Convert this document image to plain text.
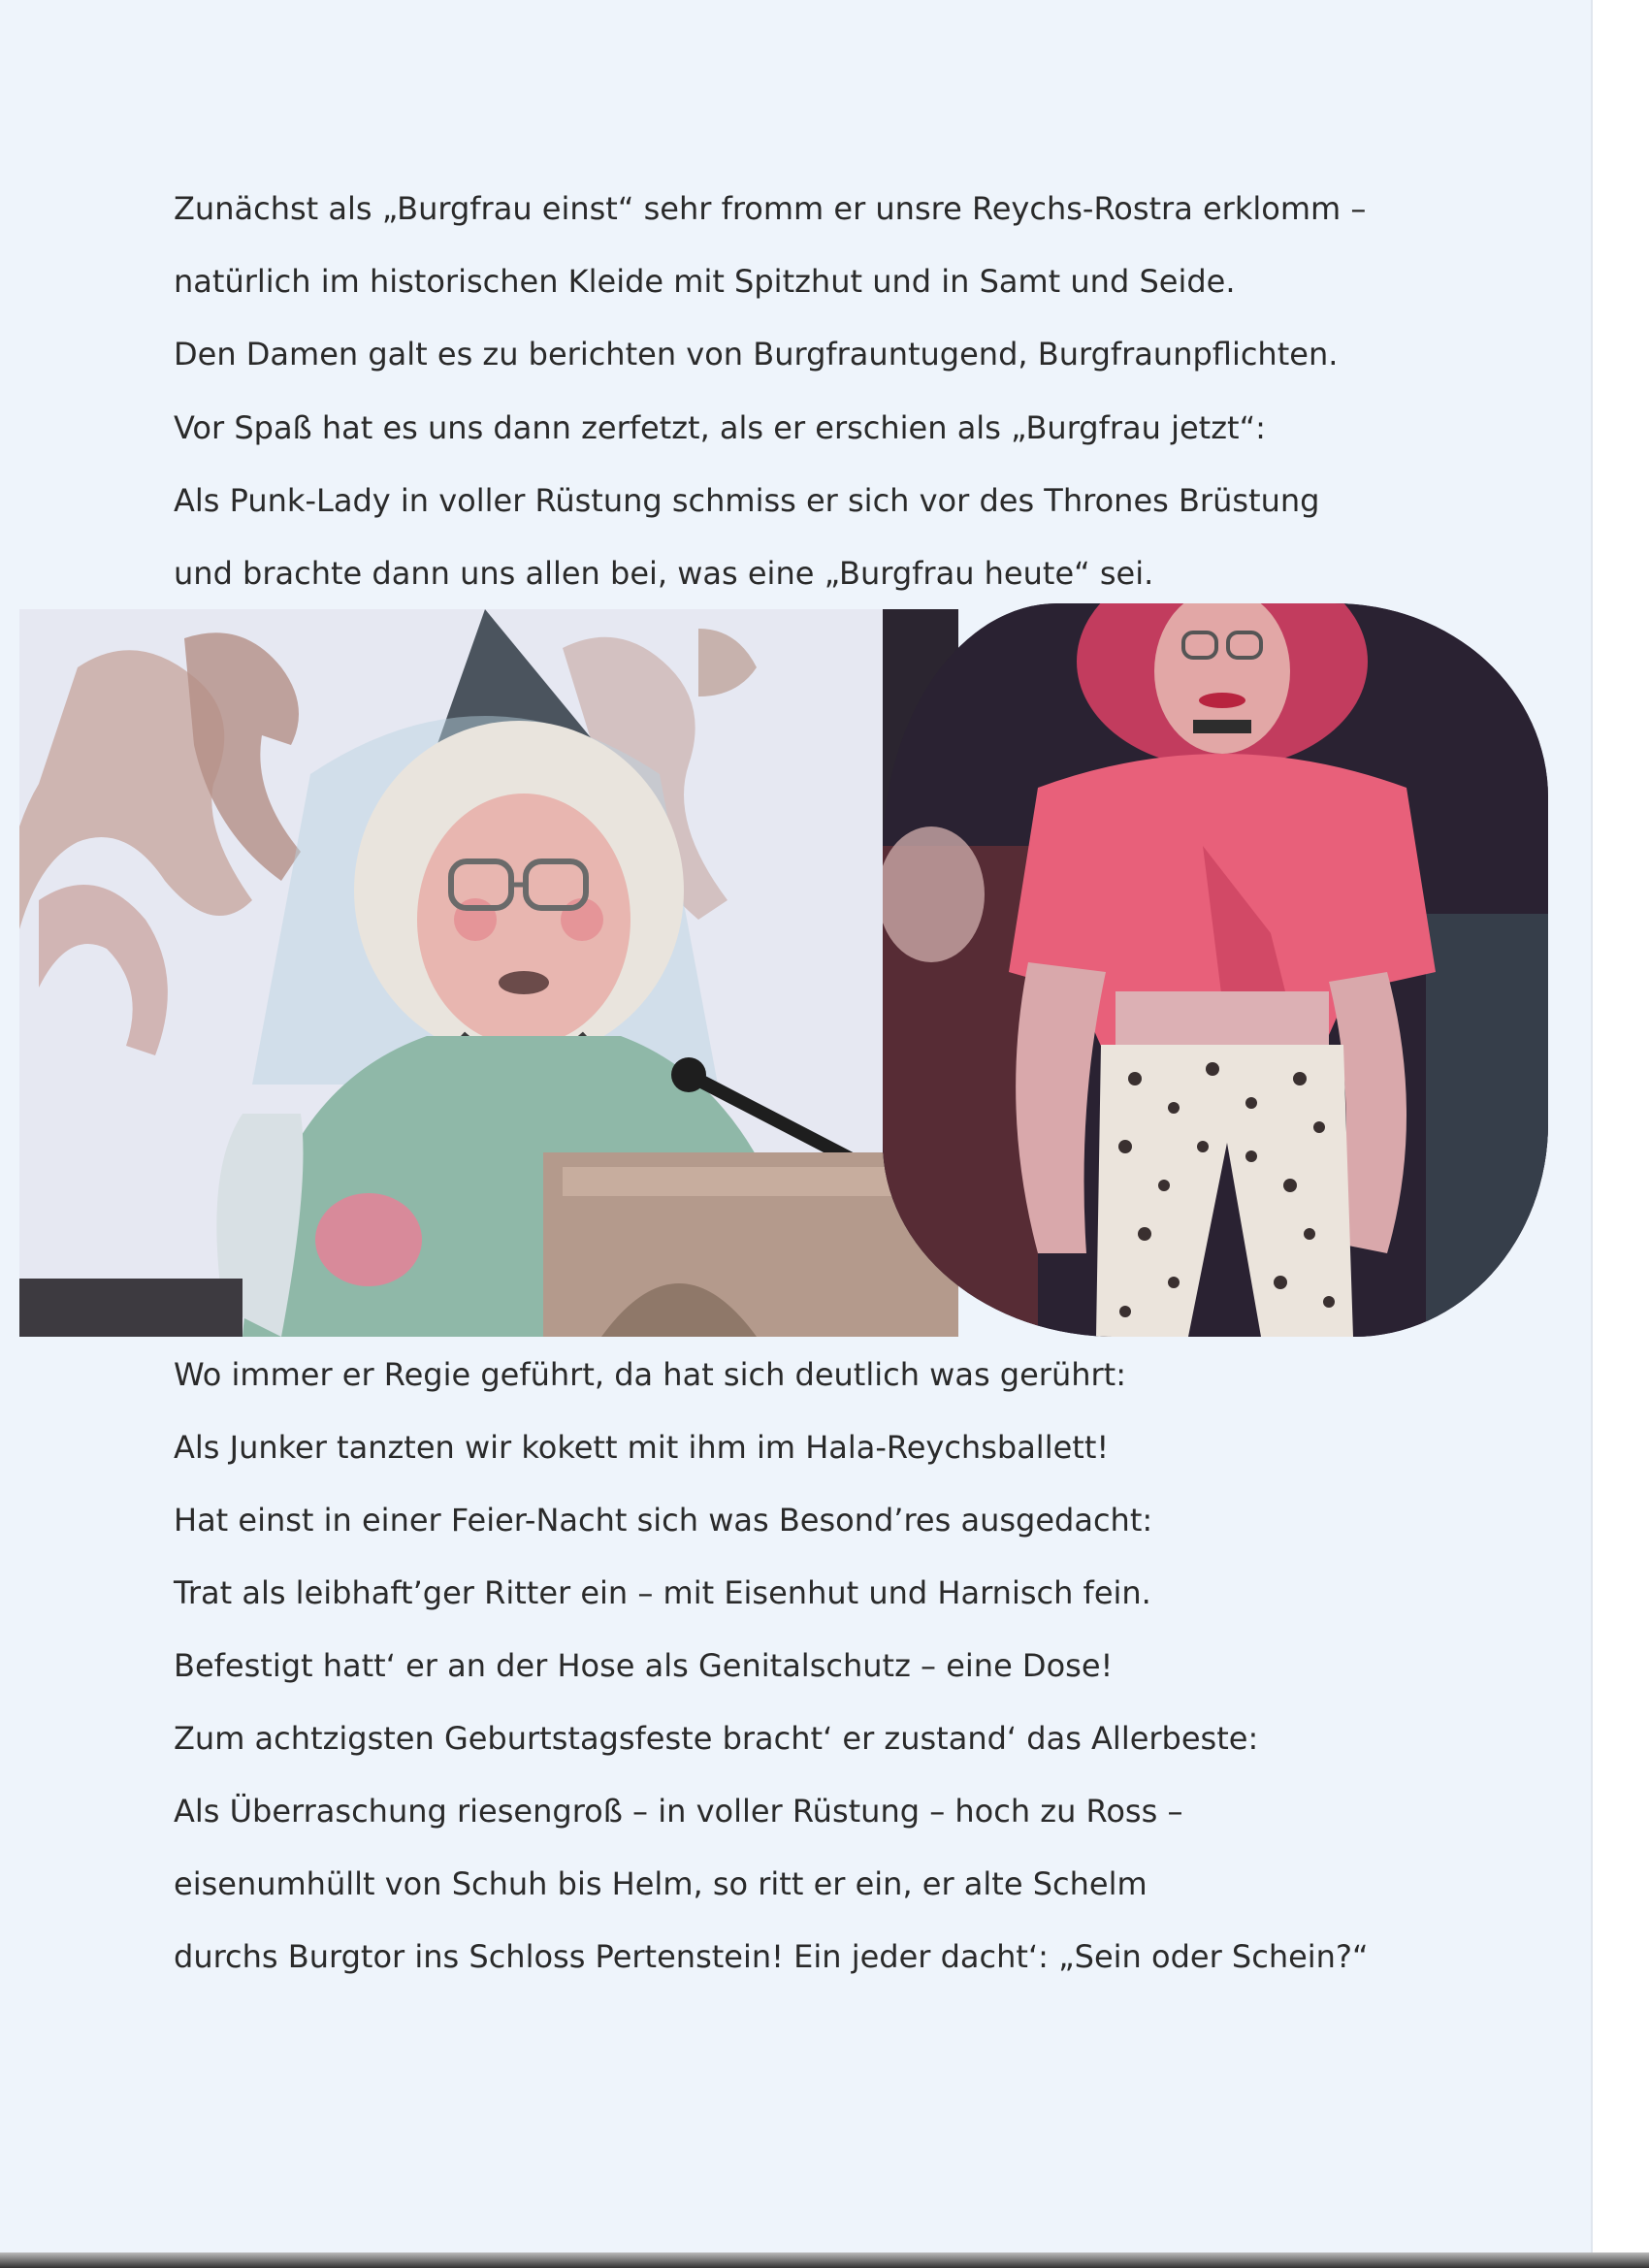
Zunächst als „Burgfrau einst“ sehr fromm er unsre Reychs-Rostra erklomm –

natürlich im historischen Kleide mit Spitzhut und in Samt und Seide.

Den Damen galt es zu berichten von Burgfrauntugend, Burgfraunpflichten.

Vor Spaß hat es uns dann zerfetzt, als er erschien als „Burgfrau jetzt“:

Als Punk-Lady in voller Rüstung schmiss er sich vor des Thrones Brüstung

und brachte dann uns allen bei, was eine „Burgfrau heute“ sei.

Wo immer er Regie geführt, da hat sich deutlich was gerührt:

Als Junker tanzten wir kokett mit ihm im Hala-Reychsballett!

Hat einst in einer Feier-Nacht sich was Besond’res ausgedacht:

Trat als leibhaft’ger Ritter ein – mit Eisenhut und Harnisch fein.

Befestigt hatt‘ er an der Hose als Genitalschutz – eine Dose!

Zum achtzigsten Geburtstagsfeste bracht‘ er zustand‘ das Allerbeste:

Als Überraschung riesengroß – in voller Rüstung – hoch zu Ross –

eisenumhüllt von Schuh bis Helm, so ritt er ein, er alte Schelm

durchs Burgtor ins Schloss Pertenstein! Ein jeder dacht‘: „Sein oder Schein?“
